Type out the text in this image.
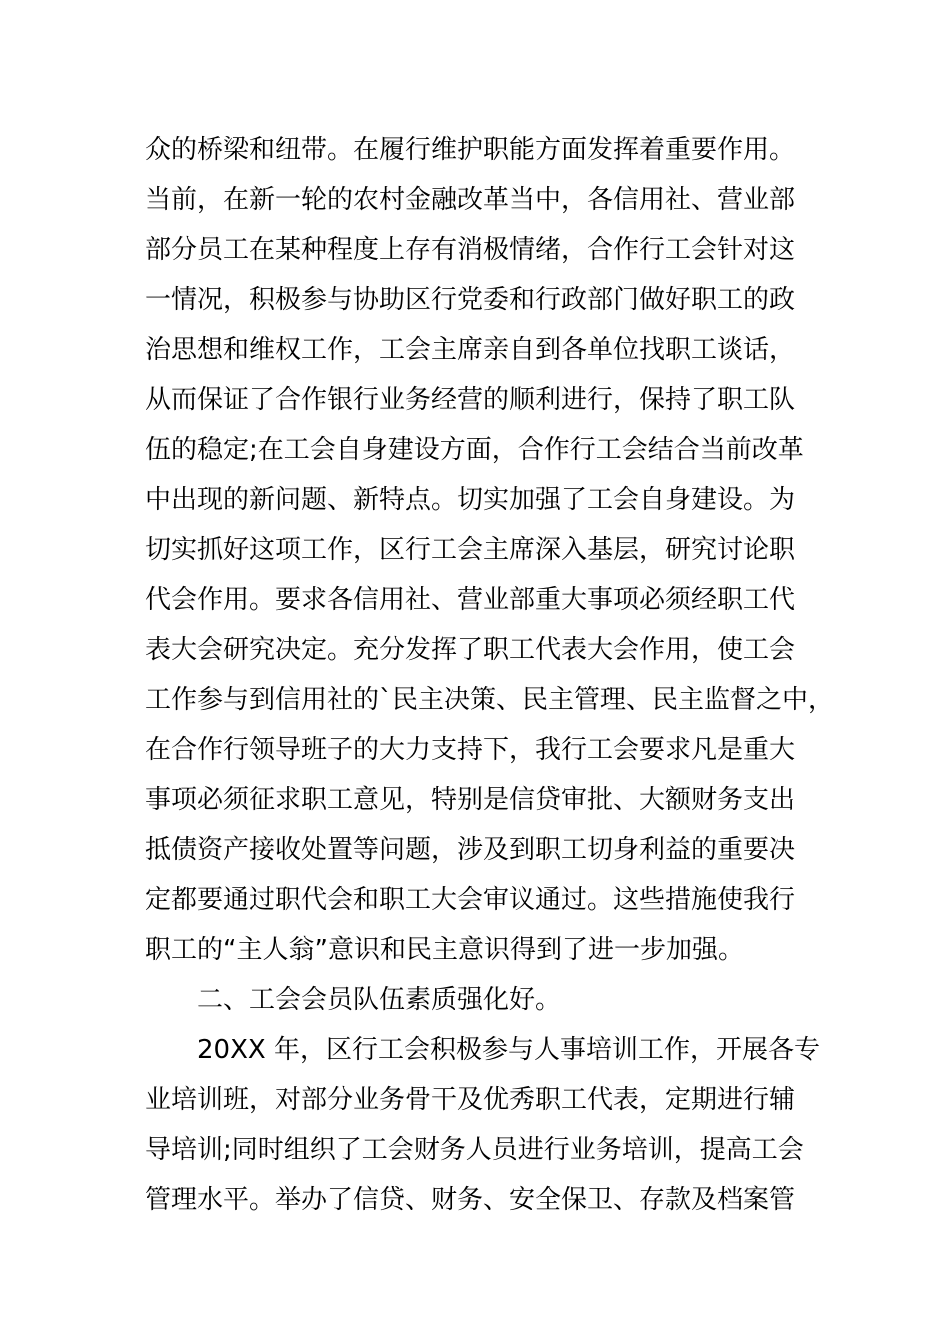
众的桥梁和纽带。在履行维护职能方面发挥着重要作用。
当前，在新一轮的农村金融改革当中，各信用社、营业部
部分员工在某种程度上存有消极情绪，合作行工会针对这
一情况，积极参与协助区行党委和行政部门做好职工的政
治思想和维权工作，工会主席亲自到各单位找职工谈话，
从而保证了合作银行业务经营的顺利进行，保持了职工队
伍的稳定;在工会自身建设方面，合作行工会结合当前改革
中出现的新问题、新特点。切实加强了工会自身建设。为
切实抓好这项工作，区行工会主席深入基层，研究讨论职
代会作用。要求各信用社、营业部重大事项必须经职工代
表大会研究决定。充分发挥了职工代表大会作用，使工会
工作参与到信用社的`民主决策、民主管理、民主监督之中，
在合作行领导班子的大力支持下，我行工会要求凡是重大
事项必须征求职工意见，特别是信贷审批、大额财务支出
抵债资产接收处置等问题，涉及到职工切身利益的重要决
定都要通过职代会和职工大会审议通过。这些措施使我行
职工的“主人翁”意识和民主意识得到了进一步加强。
二、工会会员队伍素质强化好。
20XX 年，区行工会积极参与人事培训工作，开展各专
业培训班，对部分业务骨干及优秀职工代表，定期进行辅
导培训;同时组织了工会财务人员进行业务培训，提高工会
管理水平。举办了信贷、财务、安全保卫、存款及档案管
